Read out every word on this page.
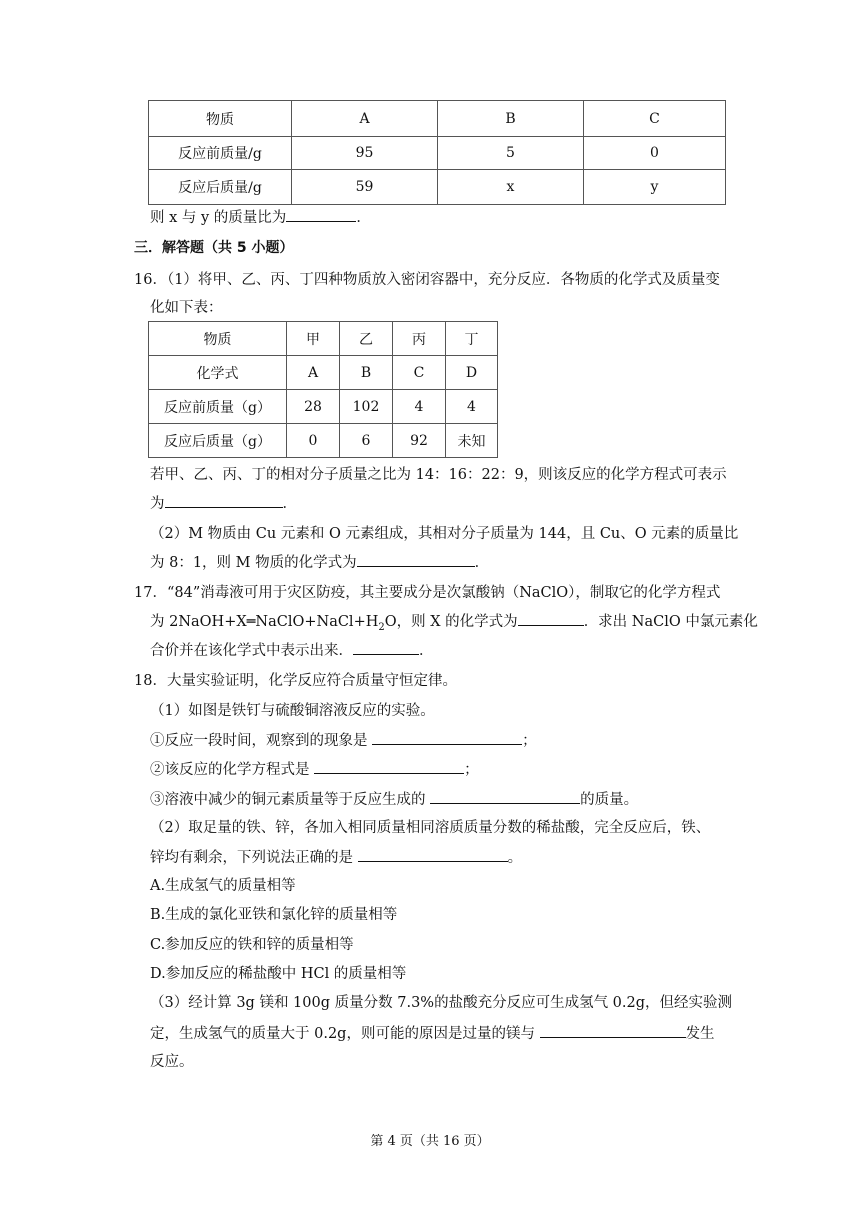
物质	A	B	C
反应前质量/g	95	5	0
反应后质量/g	59	x	y
则 x 与 y 的质量比为	．
三．解答题（共 5 小题）
16．（1）将甲、乙、丙、丁四种物质放入密闭容器中，充分反应．各物质的化学式及质量变
化如下表：
物质	甲	乙	丙	丁
化学式	A	B	C	D
反应前质量（g）	28	102	4	4
反应后质量（g）	0	6	92	未知
若甲、乙、丙、丁的相对分子质量之比为 14：16：22：9，则该反应的化学方程式可表示
为	．
（2）M 物质由 Cu 元素和 O 元素组成，其相对分子质量为 144，且 Cu、O 元素的质量比
为 8：1，则 M 物质的化学式为	．
17．“84”消毒液可用于灾区防疫，其主要成分是次氯酸钠（NaClO），制取它的化学方程式
为 $2NaOH+X═NaClO+NaCl+H_2O$，则 X 的化学式为	．求出 NaClO 中氯元素化
合价并在该化学式中表示出来．	．
18．大量实验证明，化学反应符合质量守恒定律。
（1）如图是铁钉与硫酸铜溶液反应的实验。
①反应一段时间，观察到的现象是	；
②该反应的化学方程式是	；
③溶液中减少的铜元素质量等于反应生成的	的质量。
（2）取足量的铁、锌，各加入相同质量相同溶质质量分数的稀盐酸，完全反应后，铁、
锌均有剩余，下列说法正确的是	。
A.生成氢气的质量相等
B.生成的氯化亚铁和氯化锌的质量相等
C.参加反应的铁和锌的质量相等
D.参加反应的稀盐酸中 HCl 的质量相等
（3）经计算 3g 镁和 100g 质量分数 7.3%的盐酸充分反应可生成氢气 0.2g，但经实验测
定，生成氢气的质量大于 0.2g，则可能的原因是过量的镁与	发生
反应。
第 4 页（共 16 页）
